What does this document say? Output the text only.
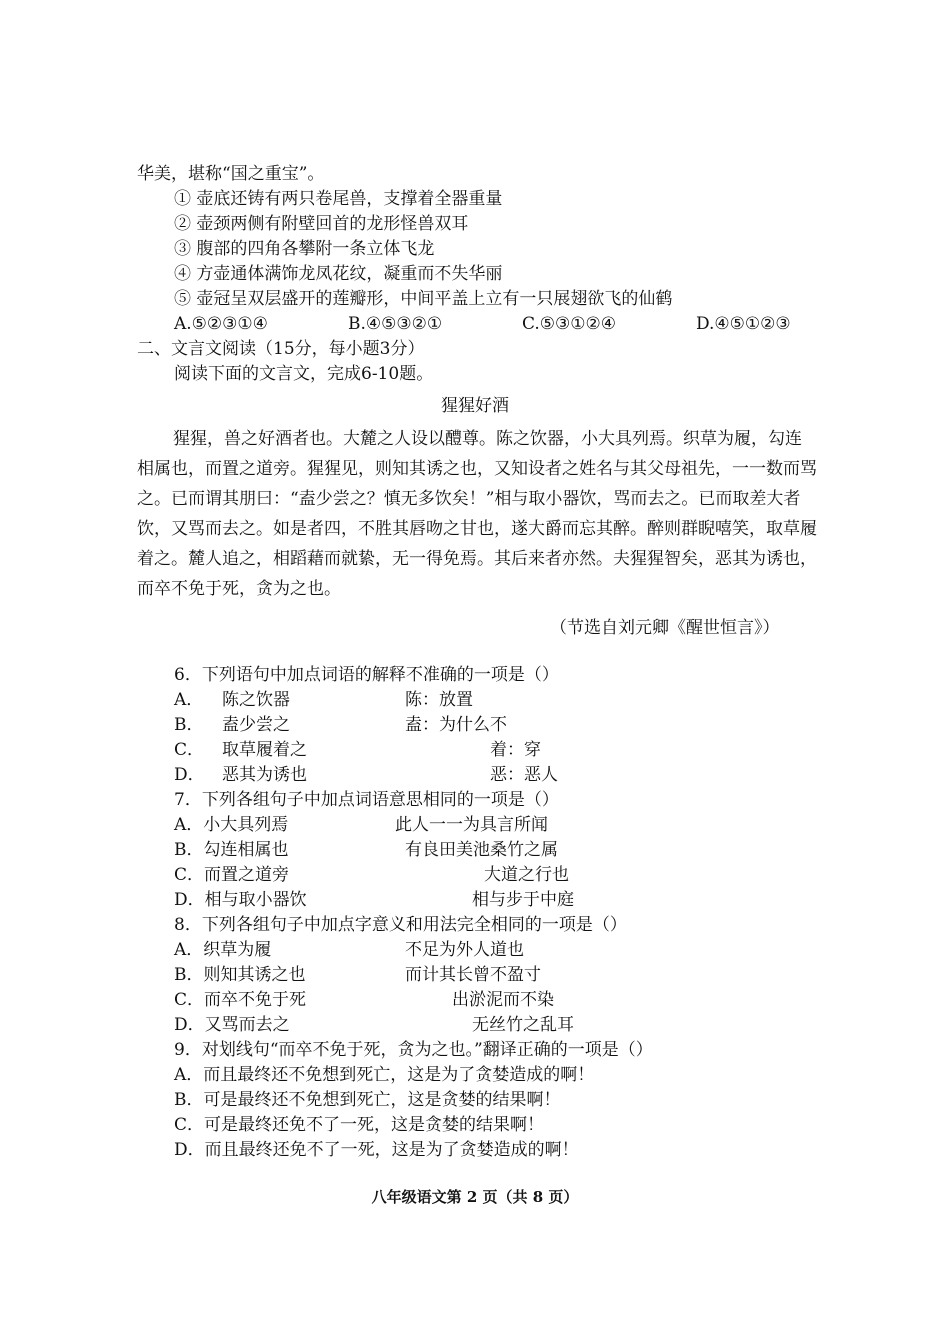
华美，堪称“国之重宝”。
① 壶底还铸有两只卷尾兽，支撑着全器重量
② 壶颈两侧有附壁回首的龙形怪兽双耳
③ 腹部的四角各攀附一条立体飞龙
④ 方壶通体满饰龙凤花纹，凝重而不失华丽
⑤ 壶冠呈双层盛开的莲瓣形，中间平盖上立有一只展翅欲飞的仙鹤
A.⑤②③①④	B.④⑤③②①	C.⑤③①②④	D.④⑤①②③
二、文言文阅读（15分，每小题3分）
阅读下面的文言文，完成6-10题。
猩猩好酒
猩猩，兽之好酒者也。大麓之人设以醴尊。陈之饮器，小大具列焉。织草为履，勾连相属也，而置之道旁。猩猩见，则知其诱之也，又知设者之姓名与其父母祖先，一一数而骂之。已而谓其朋曰：“盍少尝之？慎无多饮矣！”相与取小器饮，骂而去之。已而取差大者饮，又骂而去之。如是者四，不胜其唇吻之甘也，遂大爵而忘其醉。醉则群睨嘻笑，取草履着之。麓人追之，相蹈藉而就絷，无一得免焉。其后来者亦然。夫猩猩智矣，恶其为诱也，而卒不免于死，贪为之也。
（节选自刘元卿《醒世恒言》）
6．下列语句中加点词语的解释不准确的一项是（）
A． 陈之饮器	陈：放置
B． 盍少尝之	盍：为什么不
C． 取草履着之	着：穿
D． 恶其为诱也	恶：恶人
7．下列各组句子中加点词语意思相同的一项是（）
A．小大具列焉	此人一一为具言所闻
B．勾连相属也	有良田美池桑竹之属
C．而置之道旁	大道之行也
D．相与取小器饮	相与步于中庭
8．下列各组句子中加点字意义和用法完全相同的一项是（）
A．织草为履	不足为外人道也
B．则知其诱之也	而计其长曾不盈寸
C．而卒不免于死	出淤泥而不染
D．又骂而去之	无丝竹之乱耳
9．对划线句“而卒不免于死，贪为之也。”翻译正确的一项是（）
A．而且最终还不免想到死亡，这是为了贪婪造成的啊！
B．可是最终还不免想到死亡，这是贪婪的结果啊！
C．可是最终还免不了一死，这是贪婪的结果啊！
D．而且最终还免不了一死，这是为了贪婪造成的啊！
八年级语文第 2 页（共 8 页）
